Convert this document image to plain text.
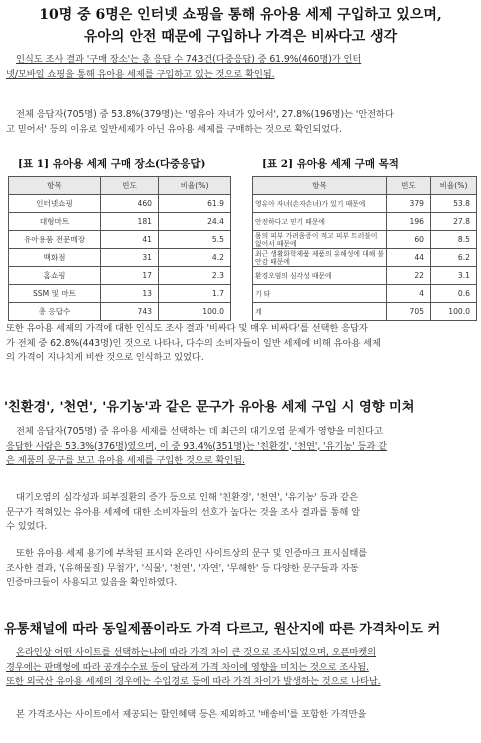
10명 중 6명은 인터넷 쇼핑을 통해 유아용 세제 구입하고 있으며,
유아의 안전 때문에 구입하나 가격은 비싸다고 생각
인식도 조사 결과 '구매 장소'는 총 응답 수 743건(다중응답) 중 61.9%(460명)가 인터
넷/모바일 쇼핑을 통해 유아용 세제를 구입하고 있는 것으로 확인됨.
전체 응답자(705명) 중 53.8%(379명)는 '영유아 자녀가 있어서', 27.8%(196명)는 '안전하다
고 믿어서' 등의 이유로 일반세제가 아닌 유아용 세제를 구매하는 것으로 확인되었다.
[표 1] 유아용 세제 구매 장소(다중응답)	[표 2] 유아용 세제 구매 목적
항목	빈도	비율(%)
인터넷쇼핑	460	61.9
대형마트	181	24.4
유아용품 전문매장	41	5.5
백화점	31	4.2
홈쇼핑	17	2.3
SSM 및 마트	13	1.7
총 응답수	743	100.0
항목	빈도	비율(%)
영유아 자녀(손자손녀)가 있기 때문에	379	53.8
안전하다고 믿기 때문에	196	27.8
몸의 피부 가려움증이 적고 피부 트러블이 없어서 때문에	60	8.5
최근 생활화학제품 제품의 유해성에 대해 불안감 때문에	44	6.2
환경오염의 심각성 때문에	22	3.1
기 타	4	0.6
계	705	100.0
또한 유아용 세제의 가격에 대한 인식도 조사 결과 '비싸다 및 매우 비싸다'를 선택한 응답자
가 전체 중 62.8%(443명)인 것으로 나타나, 다수의 소비자들이 일반 세제에 비해 유아용 세제
의 가격이 지나치게 비싼 것으로 인식하고 있었다.
'친환경', '천연', '유기농'과 같은 문구가 유아용 세제 구입 시 영향 미쳐
전체 응답자(705명) 중 유아용 세제를 선택하는 데 최근의 대기오염 문제가 영향을 미친다고
응답한 사람은 53.3%(376명)였으며, 이 중 93.4%(351명)는 '친환경', '천연', '유기농' 등과 같
은 제품의 문구를 보고 유아용 세제를 구입한 것으로 확인됨.
대기오염의 심각성과 피부질환의 증가 등으로 인해 '친환경', '천연', '유기농' 등과 같은
문구가 적혀있는 유아용 세제에 대한 소비자들의 선호가 높다는 것을 조사 결과를 통해 알
수 있었다.
또한 유아용 세제 용기에 부착된 표시와 온라인 사이트상의 문구 및 인증마크 표시실태를
조사한 결과, '(유해물질) 무첨가', '식물', '천연', '자연', '무해한' 등 다양한 문구들과 자동
인증마크들이 사용되고 있음을 확인하였다.
유통채널에 따라 동일제품이라도 가격 다르고, 원산지에 따른 가격차이도 커
온라인상 어떤 사이트를 선택하는냐에 따라 가격 차이 큰 것으로 조사되었으며, 오픈마켓의
경우에는 판매형에 따라 공개수수료 등이 달라져 가격 차이에 영향을 미치는 것으로 조사됨.
또한 외국산 유아용 세제의 경우에는 수입경로 등에 따라 가격 차이가 발생하는 것으로 나타남.
본 가격조사는 사이트에서 제공되는 할인혜택 등은 제외하고 '배송비'를 포함한 가격만을
